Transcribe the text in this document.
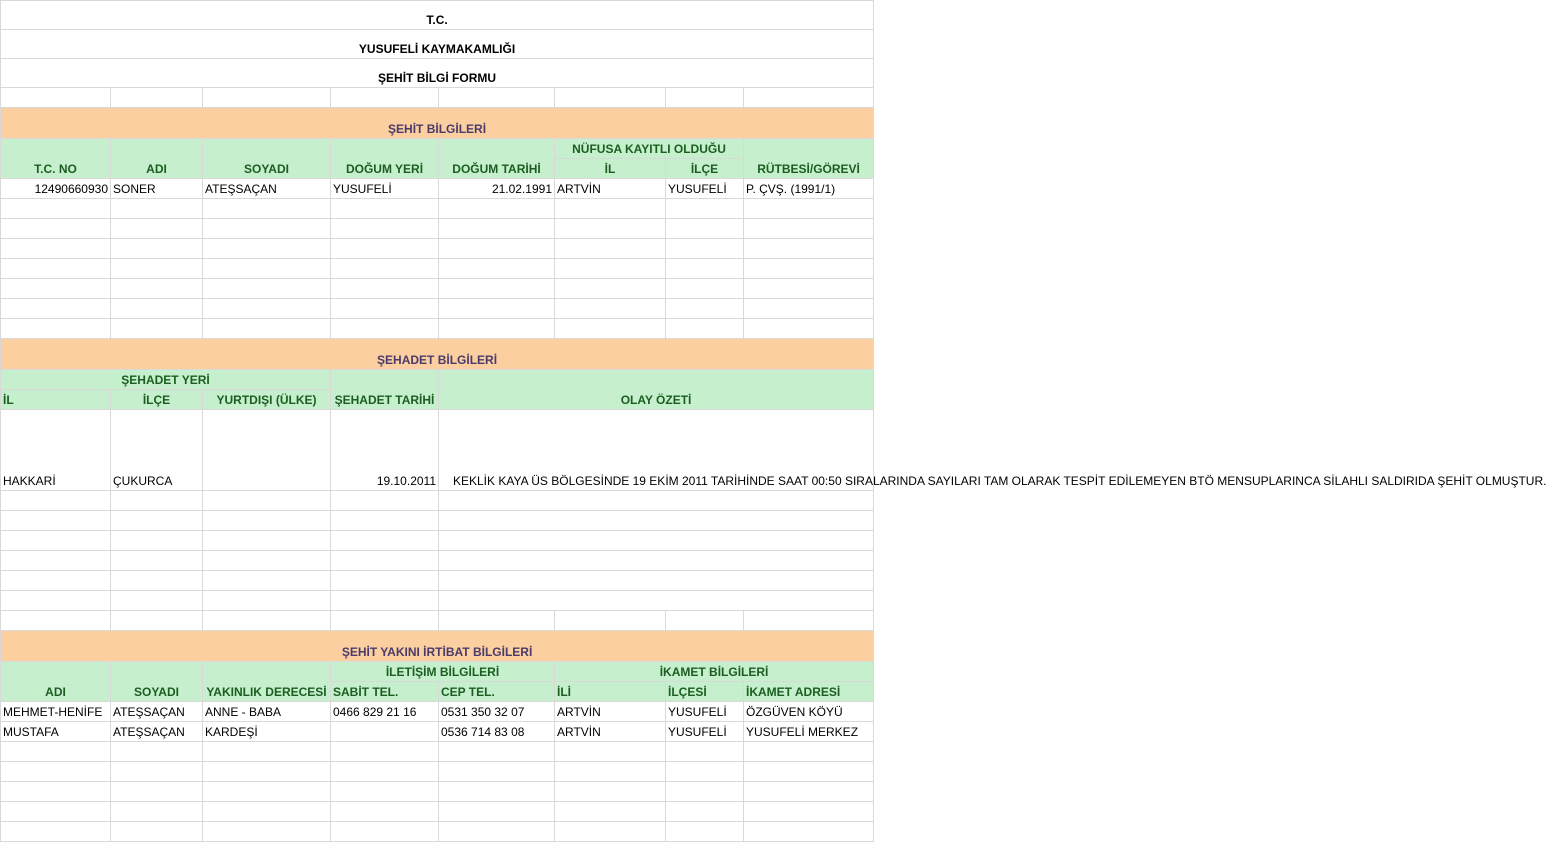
T.C.							
YUSUFELİ KAYMAKAMLIĞI							
ŞEHİT BİLGİ FORMU							

ŞEHİT BİLGİLERİ							
T.C. NO	ADI	SOYADI	DOĞUM YERİ	DOĞUM TARİHİ	NÜFUSA KAYITLI OLDUĞU		RÜTBESİ/GÖREVİ
					İL	İLÇE	
12490660930	SONER	ATEŞSAÇAN	YUSUFELİ	21.02.1991	ARTVİN	YUSUFELİ	P. ÇVŞ. (1991/1)

ŞEHADET BİLGİLERİ							
ŞEHADET YERİ			ŞEHADET TARİHİ	OLAY ÖZETİ			
İL	İLÇE	YURTDIŞI (ÜLKE)					
HAKKARİ	ÇUKURCA		19.10.2011	KEKLİK KAYA ÜS BÖLGESİNDE 19 EKİM 2011 TARİHİNDE SAAT 00:50 SIRALARINDA SAYILARI TAM OLARAK TESPİT EDİLEMEYEN BTÖ MENSUPLARINCA SİLAHLI SALDIRIDA ŞEHİT OLMUŞTUR.			

ŞEHİT YAKINI İRTİBAT BİLGİLERİ							
ADI	SOYADI	YAKINLIK DERECESİ	İLETİŞİM BİLGİLERİ		İKAMET BİLGİLERİ		
			SABİT TEL.	CEP TEL.	İLİ	İLÇESİ	İKAMET ADRESİ
MEHMET-HENİFE	ATEŞSAÇAN	ANNE - BABA	0466 829 21 16	0531 350 32 07	ARTVİN	YUSUFELİ	ÖZGÜVEN KÖYÜ
MUSTAFA	ATEŞSAÇAN	KARDEŞİ		0536 714 83 08	ARTVİN	YUSUFELİ	YUSUFELİ MERKEZ
